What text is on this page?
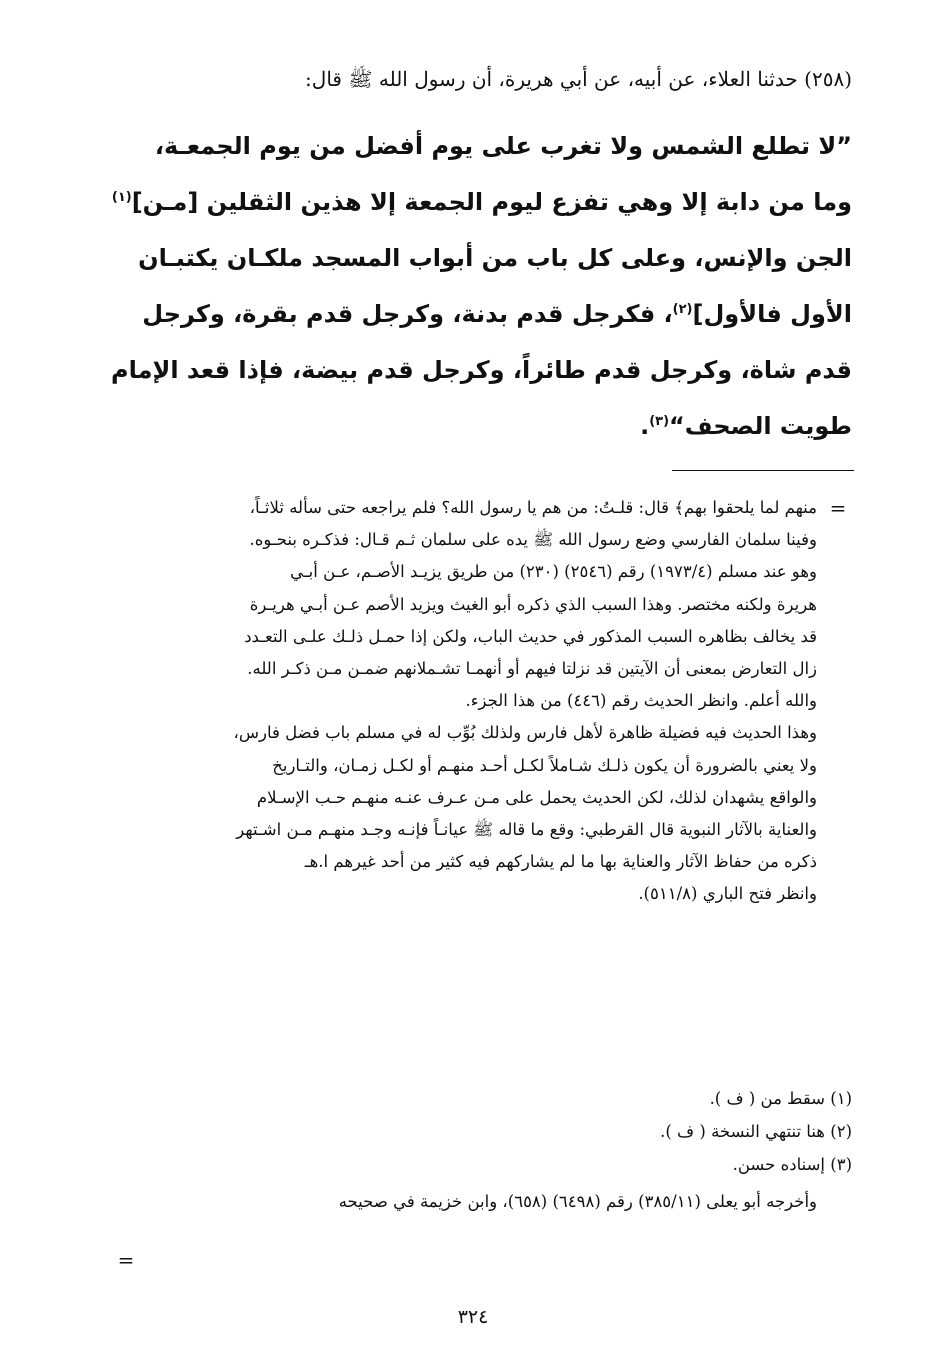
(٢٥٨) حدثنا العلاء، عن أبيه، عن أبي هريرة، أن رسول الله ﷺ قال:
”لا تطلع الشمس ولا تغرب على يوم أفضل من يوم الجمعـة،
وما من دابة إلا وهي تفزع ليوم الجمعة إلا هذين الثقلين [مـن]$^{(١)}$
الجن والإنس، وعلى كل باب من أبواب المسجد ملكـان يكتبـان
الأول فالأول]$^{(٢)}$، فكرجل قدم بدنة، وكرجل قدم بقرة، وكرجل
قدم شاة، وكرجل قدم طائراً، وكرجل قدم بيضة، فإذا قعد الإمام
طويت الصحف“$^{(٣)}$.
=
منهم لما يلحقوا بهم﴾ قال: قلـتُ: من هم يا رسول الله؟ فلم يراجعه حتى سأله ثلاثـاً،
وفينا سلمان الفارسي وضع رسول الله ﷺ يده على سلمان ثـم قـال: فذكـره بنحـوه.
وهو عند مسلم (١٩٧٣/٤) رقم (٢٥٤٦) (٢٣٠) من طريق يزيـد الأصـم، عـن أبـي
هريرة ولكنه مختصر. وهذا السبب الذي ذكره أبو الغيث ويزيد الأصم عـن أبـي هريـرة
قد يخالف بظاهره السبب المذكور في حديث الباب، ولكن إذا حمـل ذلـك علـى التعـدد
زال التعارض بمعنى أن الآيتين قد نزلتا فيهم أو أنهمـا تشـملانهم ضمـن مـن ذكـر الله.
والله أعلم. وانظر الحديث رقم (٤٤٦) من هذا الجزء.
وهذا الحديث فيه فضيلة ظاهرة لأهل فارس ولذلك بُوِّب له في مسلم باب فضل فارس،
ولا يعني بالضرورة أن يكون ذلـك شـاملاً لكـل أحـد منهـم أو لكـل زمـان، والتـاريخ
والواقع يشهدان لذلك، لكن الحديث يحمل على مـن عـرف عنـه منهـم حـب الإسـلام
والعناية بالآثار النبوية قال القرطبي: وقع ما قاله ﷺ عيانـاً فإنـه وجـد منهـم مـن اشـتهر
ذكره من حفاظ الآثار والعناية بها ما لم يشاركهم فيه كثير من أحد غيرهم ا.هـ
وانظر فتح الباري (٥١١/٨).
(١) سقط من ( ف ).
(٢) هنا تنتهي النسخة ( ف ).
(٣) إسناده حسن.
وأخرجه أبو يعلى (٣٨٥/١١) رقم (٦٤٩٨) (٦٥٨)، وابن خزيمة في صحيحه
=
٣٢٤
